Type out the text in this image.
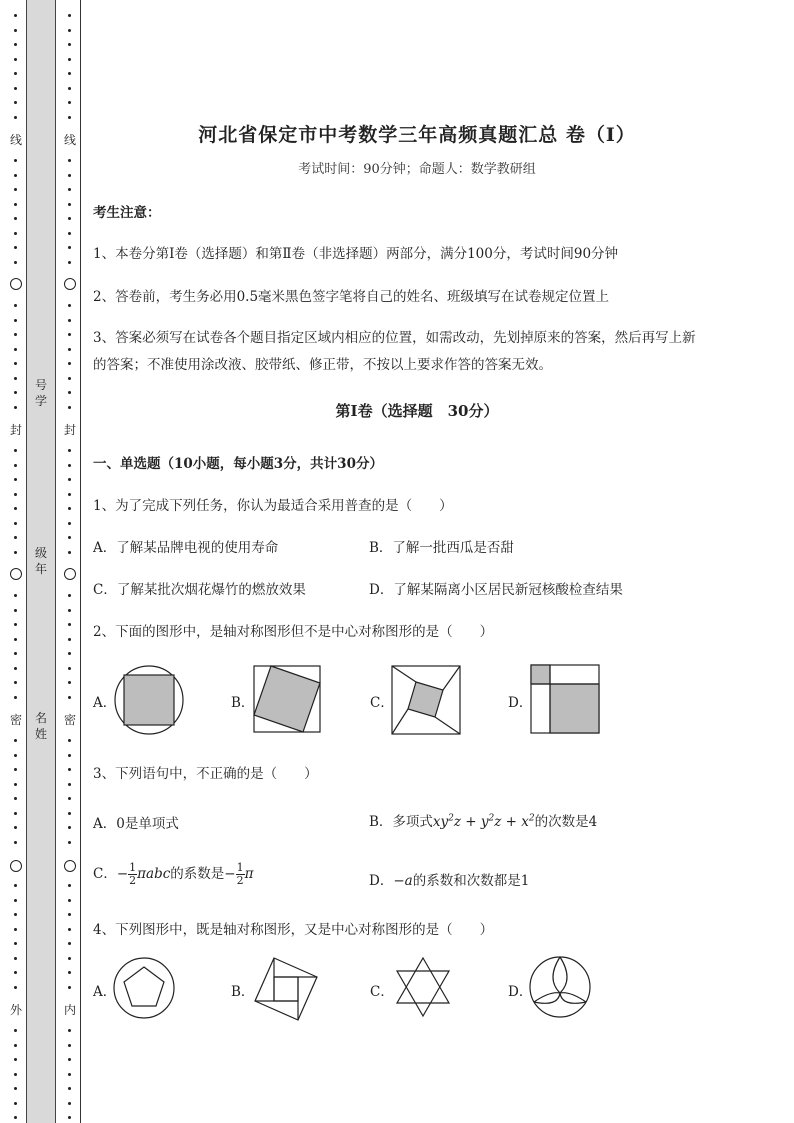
线
封
密
外
线
封
密
内
号学
级年
名姓
河北省保定市中考数学三年高频真题汇总 卷（Ⅰ）
考试时间：90分钟；命题人：数学教研组
考生注意：
1、本卷分第Ⅰ卷（选择题）和第Ⅱ卷（非选择题）两部分，满分100分，考试时间90分钟
2、答卷前，考生务必用0.5毫米黑色签字笔将自己的姓名、班级填写在试卷规定位置上
3、答案必须写在试卷各个题目指定区域内相应的位置，如需改动，先划掉原来的答案，然后再写上新
的答案；不准使用涂改液、胶带纸、修正带，不按以上要求作答的答案无效。
第Ⅰ卷（选择题　30分）
一、单选题（10小题，每小题3分，共计30分）
1、为了完成下列任务，你认为最适合采用普查的是（　　）
A．了解某品牌电视的使用寿命	B．了解一批西瓜是否甜
C．了解某批次烟花爆竹的燃放效果	D．了解某隔离小区居民新冠核酸检查结果
2、下面的图形中，是轴对称图形但不是中心对称图形的是（　　）
A．	B．	C．	D．
3、下列语句中，不正确的是（　　）
A．0是单项式	B．多项式$xy^2z + y^2z + x^2$的次数是4
C．− $\frac{1}{2}$ πabc的系数是− $\frac{1}{2}$ π	D．−a的系数和次数都是1
4、下列图形中，既是轴对称图形，又是中心对称图形的是（　　）
A．	B．	C．	D．
